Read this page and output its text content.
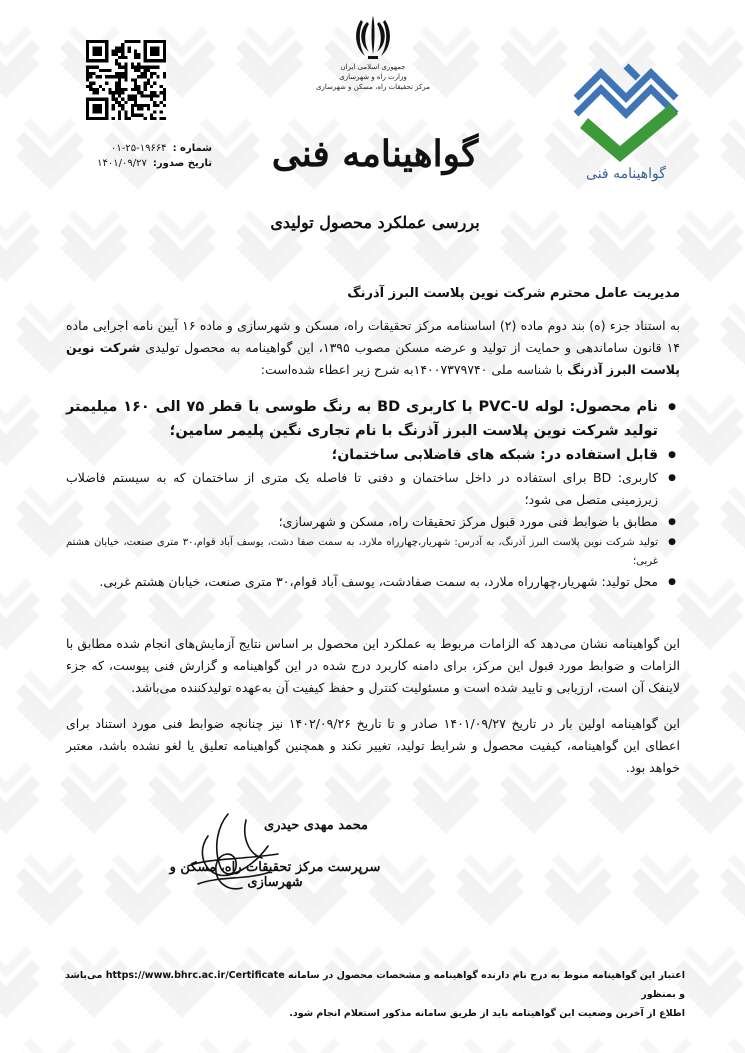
شماره :
۰۱-۲۵-۱۹۶۶۴
تاریخ صدور:
۱۴۰۱/۰۹/۲۷
جمهوری اسلامی ایران
وزارت راه و شهرسازی
مرکز تحقیقات راه، مسکن و شهرسازی
گواهینامه فنی
بررسی عملکرد محصول تولیدی
گواهینامه فنی
مدیریت عامل محترم شرکت نوین پلاست البرز آذرنگ

به استناد جزء (ه) بند دوم ماده (۲) اساسنامه مرکز تحقیقات راه، مسکن و شهرسازی و ماده ۱۶ آیین نامه اجرایی ماده ۱۴ قانون ساماندهی و حمایت از تولید و عرضه مسکن مصوب ۱۳۹۵، این گواهینامه به محصول تولیدی شرکت نوین پلاست البرز آذرنگ با شناسه ملی ۱۴۰۰۷۳۷۹۷۴۰به شرح زیر اعطاء شده‌است:

● نام محصول: لوله PVC-U با کاربری BD به رنگ طوسی با قطر ۷۵ الی ۱۶۰ میلیمتر تولید شرکت نوین پلاست البرز آذرنگ با نام تجاری نگین پلیمر سامین؛
● قابل استفاده در: شبکه های فاضلابی ساختمان؛
● کاربری: BD برای استفاده در داخل ساختمان و دفنی تا فاصله یک متری از ساختمان که به سیستم فاضلاب زیرزمینی متصل می شود؛
● مطابق با ضوابط فنی مورد قبول مرکز تحقیقات راه، مسکن و شهرسازی؛
● تولید شرکت نوین پلاست البرز آذرنگ، به آدرس: شهریار،چهارراه ملارد، به سمت صفا دشت، یوسف آباد قوام،۳۰ متری صنعت، خیابان هشتم غربی؛
● محل تولید: شهریار،چهارراه ملارد، به سمت صفادشت، یوسف آباد قوام،۳۰ متری صنعت، خیابان هشتم غربی.

این گواهینامه نشان می‌دهد که الزامات مربوط به عملکرد این محصول بر اساس نتایج آزمایش‌های انجام شده مطابق با الزامات و ضوابط مورد قبول این مرکز، برای دامنه کاربرد درج شده در این گواهینامه و گزارش فنی پیوست، که جزء لاینفک آن است، ارزیابی و تایید شده است و مسئولیت کنترل و حفظ کیفیت آن به‌عهده تولیدکننده می‌باشد.

این گواهینامه اولین بار در تاریخ ۱۴۰۱/۰۹/۲۷ صادر و تا تاریخ ۱۴۰۲/۰۹/۲۶ نیز چنانچه ضوابط فنی مورد استناد برای اعطای این گواهینامه، کیفیت محصول و شرایط تولید، تغییر نکند و همچنین گواهینامه تعلیق یا لغو نشده باشد، معتبر خواهد بود.

محمد مهدی حیدری
سرپرست مرکز تحقیقات راه، مسکن و شهرسازی
اعتبار این گواهینامه منوط به درج نام دارنده گواهینامه و مشخصات محصول در سامانه https://www.bhrc.ac.ir/Certificate می‌باشد و بمنظور
اطلاع از آخرین وضعیت این گواهینامه باید از طریق سامانه مذکور استعلام انجام شود.
